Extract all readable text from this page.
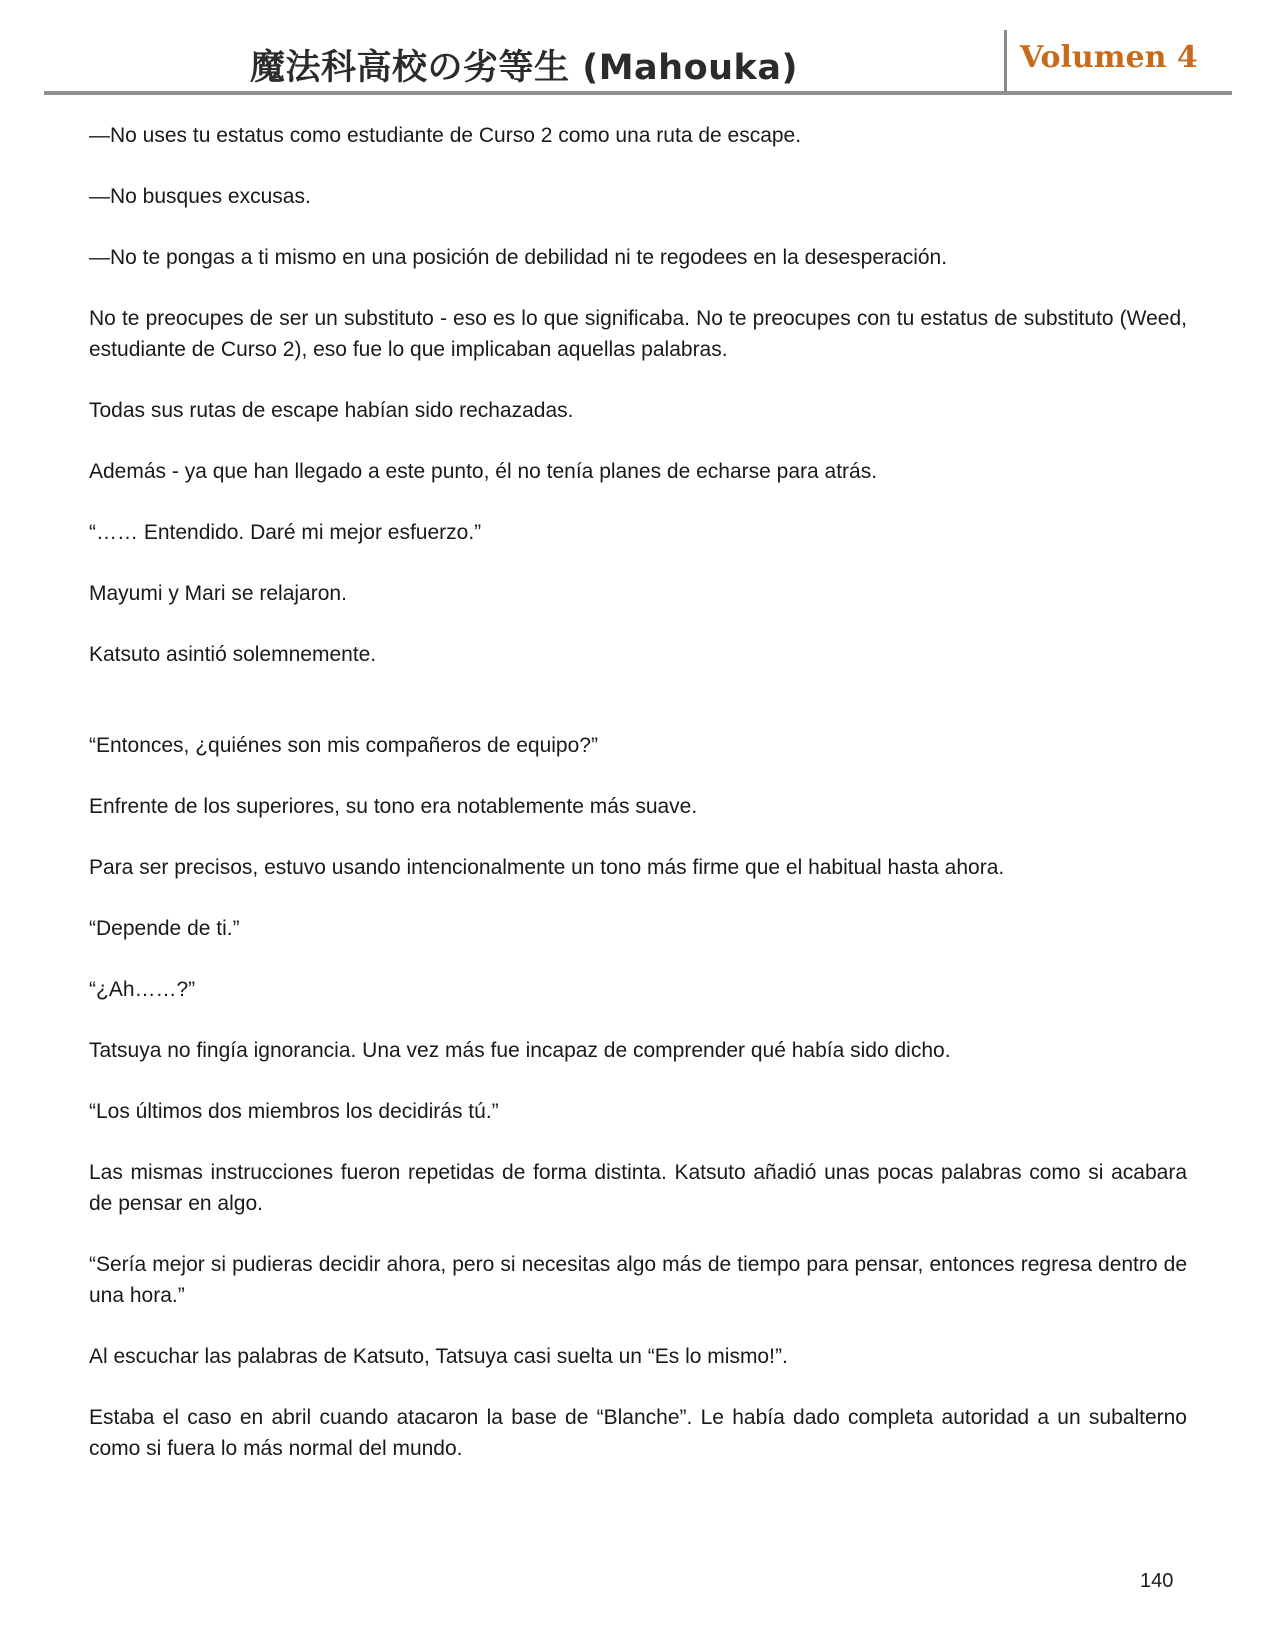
魔法科高校の劣等生 (Mahouka)	Volumen 4

—No uses tu estatus como estudiante de Curso 2 como una ruta de escape.

—No busques excusas.

—No te pongas a ti mismo en una posición de debilidad ni te regodees en la desesperación.

No te preocupes de ser un substituto - eso es lo que significaba. No te preocupes con tu estatus de substituto (Weed, estudiante de Curso 2), eso fue lo que implicaban aquellas palabras.

Todas sus rutas de escape habían sido rechazadas.

Además - ya que han llegado a este punto, él no tenía planes de echarse para atrás.

“…… Entendido. Daré mi mejor esfuerzo.”

Mayumi y Mari se relajaron.

Katsuto asintió solemnemente.

“Entonces, ¿quiénes son mis compañeros de equipo?”

Enfrente de los superiores, su tono era notablemente más suave.

Para ser precisos, estuvo usando intencionalmente un tono más firme que el habitual hasta ahora.

“Depende de ti.”

“¿Ah……?”

Tatsuya no fingía ignorancia. Una vez más fue incapaz de comprender qué había sido dicho.

“Los últimos dos miembros los decidirás tú.”

Las mismas instrucciones fueron repetidas de forma distinta. Katsuto añadió unas pocas palabras como si acabara de pensar en algo.

“Sería mejor si pudieras decidir ahora, pero si necesitas algo más de tiempo para pensar, entonces regresa dentro de una hora.”

Al escuchar las palabras de Katsuto, Tatsuya casi suelta un “Es lo mismo!”.

Estaba el caso en abril cuando atacaron la base de “Blanche”. Le había dado completa autoridad a un subalterno como si fuera lo más normal del mundo.

140
